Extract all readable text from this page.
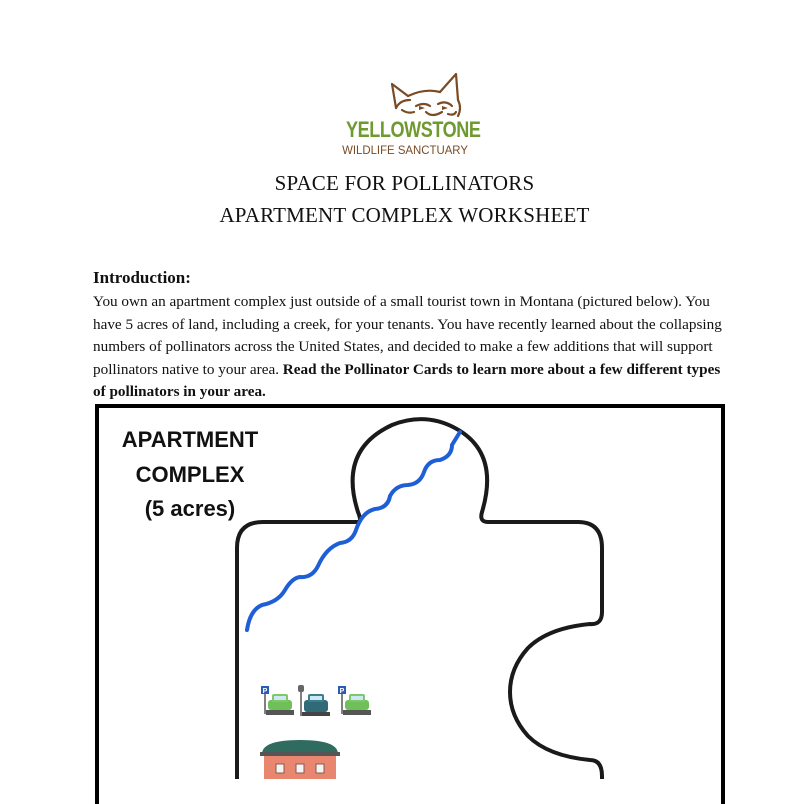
YELLOWSTONE
WILDLIFE SANCTUARY
SPACE FOR POLLINATORS
APARTMENT COMPLEX WORKSHEET
Introduction:
You own an apartment complex just outside of a small tourist town in Montana (pictured below). You have 5 acres of land, including a creek, for your tenants. You have recently learned about the collapsing numbers of pollinators across the United States, and decided to make a few additions that will support pollinators native to your area. Read the Pollinator Cards to learn more about a few different types of pollinators in your area.
P	P
APARTMENT
COMPLEX
(5 acres)
